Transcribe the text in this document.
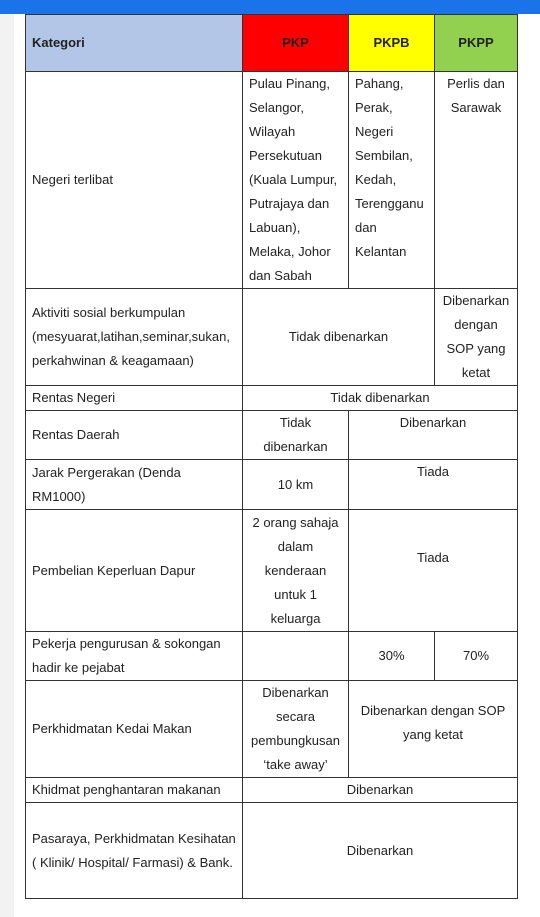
Kategori	PKP	PKPB	PKPP
Negeri terlibat	Pulau Pinang, Selangor, Wilayah Persekutuan (Kuala Lumpur, Putrajaya dan Labuan), Melaka, Johor dan Sabah	Pahang, Perak, Negeri Sembilan, Kedah, Terengganu dan Kelantan	Perlis dan Sarawak
Aktiviti sosial berkumpulan (mesyuarat,latihan,seminar,sukan, perkahwinan & keagamaan)	Tidak dibenarkan		Dibenarkan dengan SOP yang ketat
Rentas Negeri	Tidak dibenarkan		
Rentas Daerah	Tidak dibenarkan	Dibenarkan	
Jarak Pergerakan (Denda RM1000)	10 km	Tiada	
Pembelian Keperluan Dapur	2 orang sahaja dalam kenderaan untuk 1 keluarga	Tiada	
Pekerja pengurusan & sokongan hadir ke pejabat		30%	70%
Perkhidmatan Kedai Makan	Dibenarkan secara pembungkusan ‘take away’	Dibenarkan dengan SOP yang ketat	
Khidmat penghantaran makanan	Dibenarkan		
Pasaraya, Perkhidmatan Kesihatan ( Klinik/ Hospital/ Farmasi) & Bank.	Dibenarkan		
